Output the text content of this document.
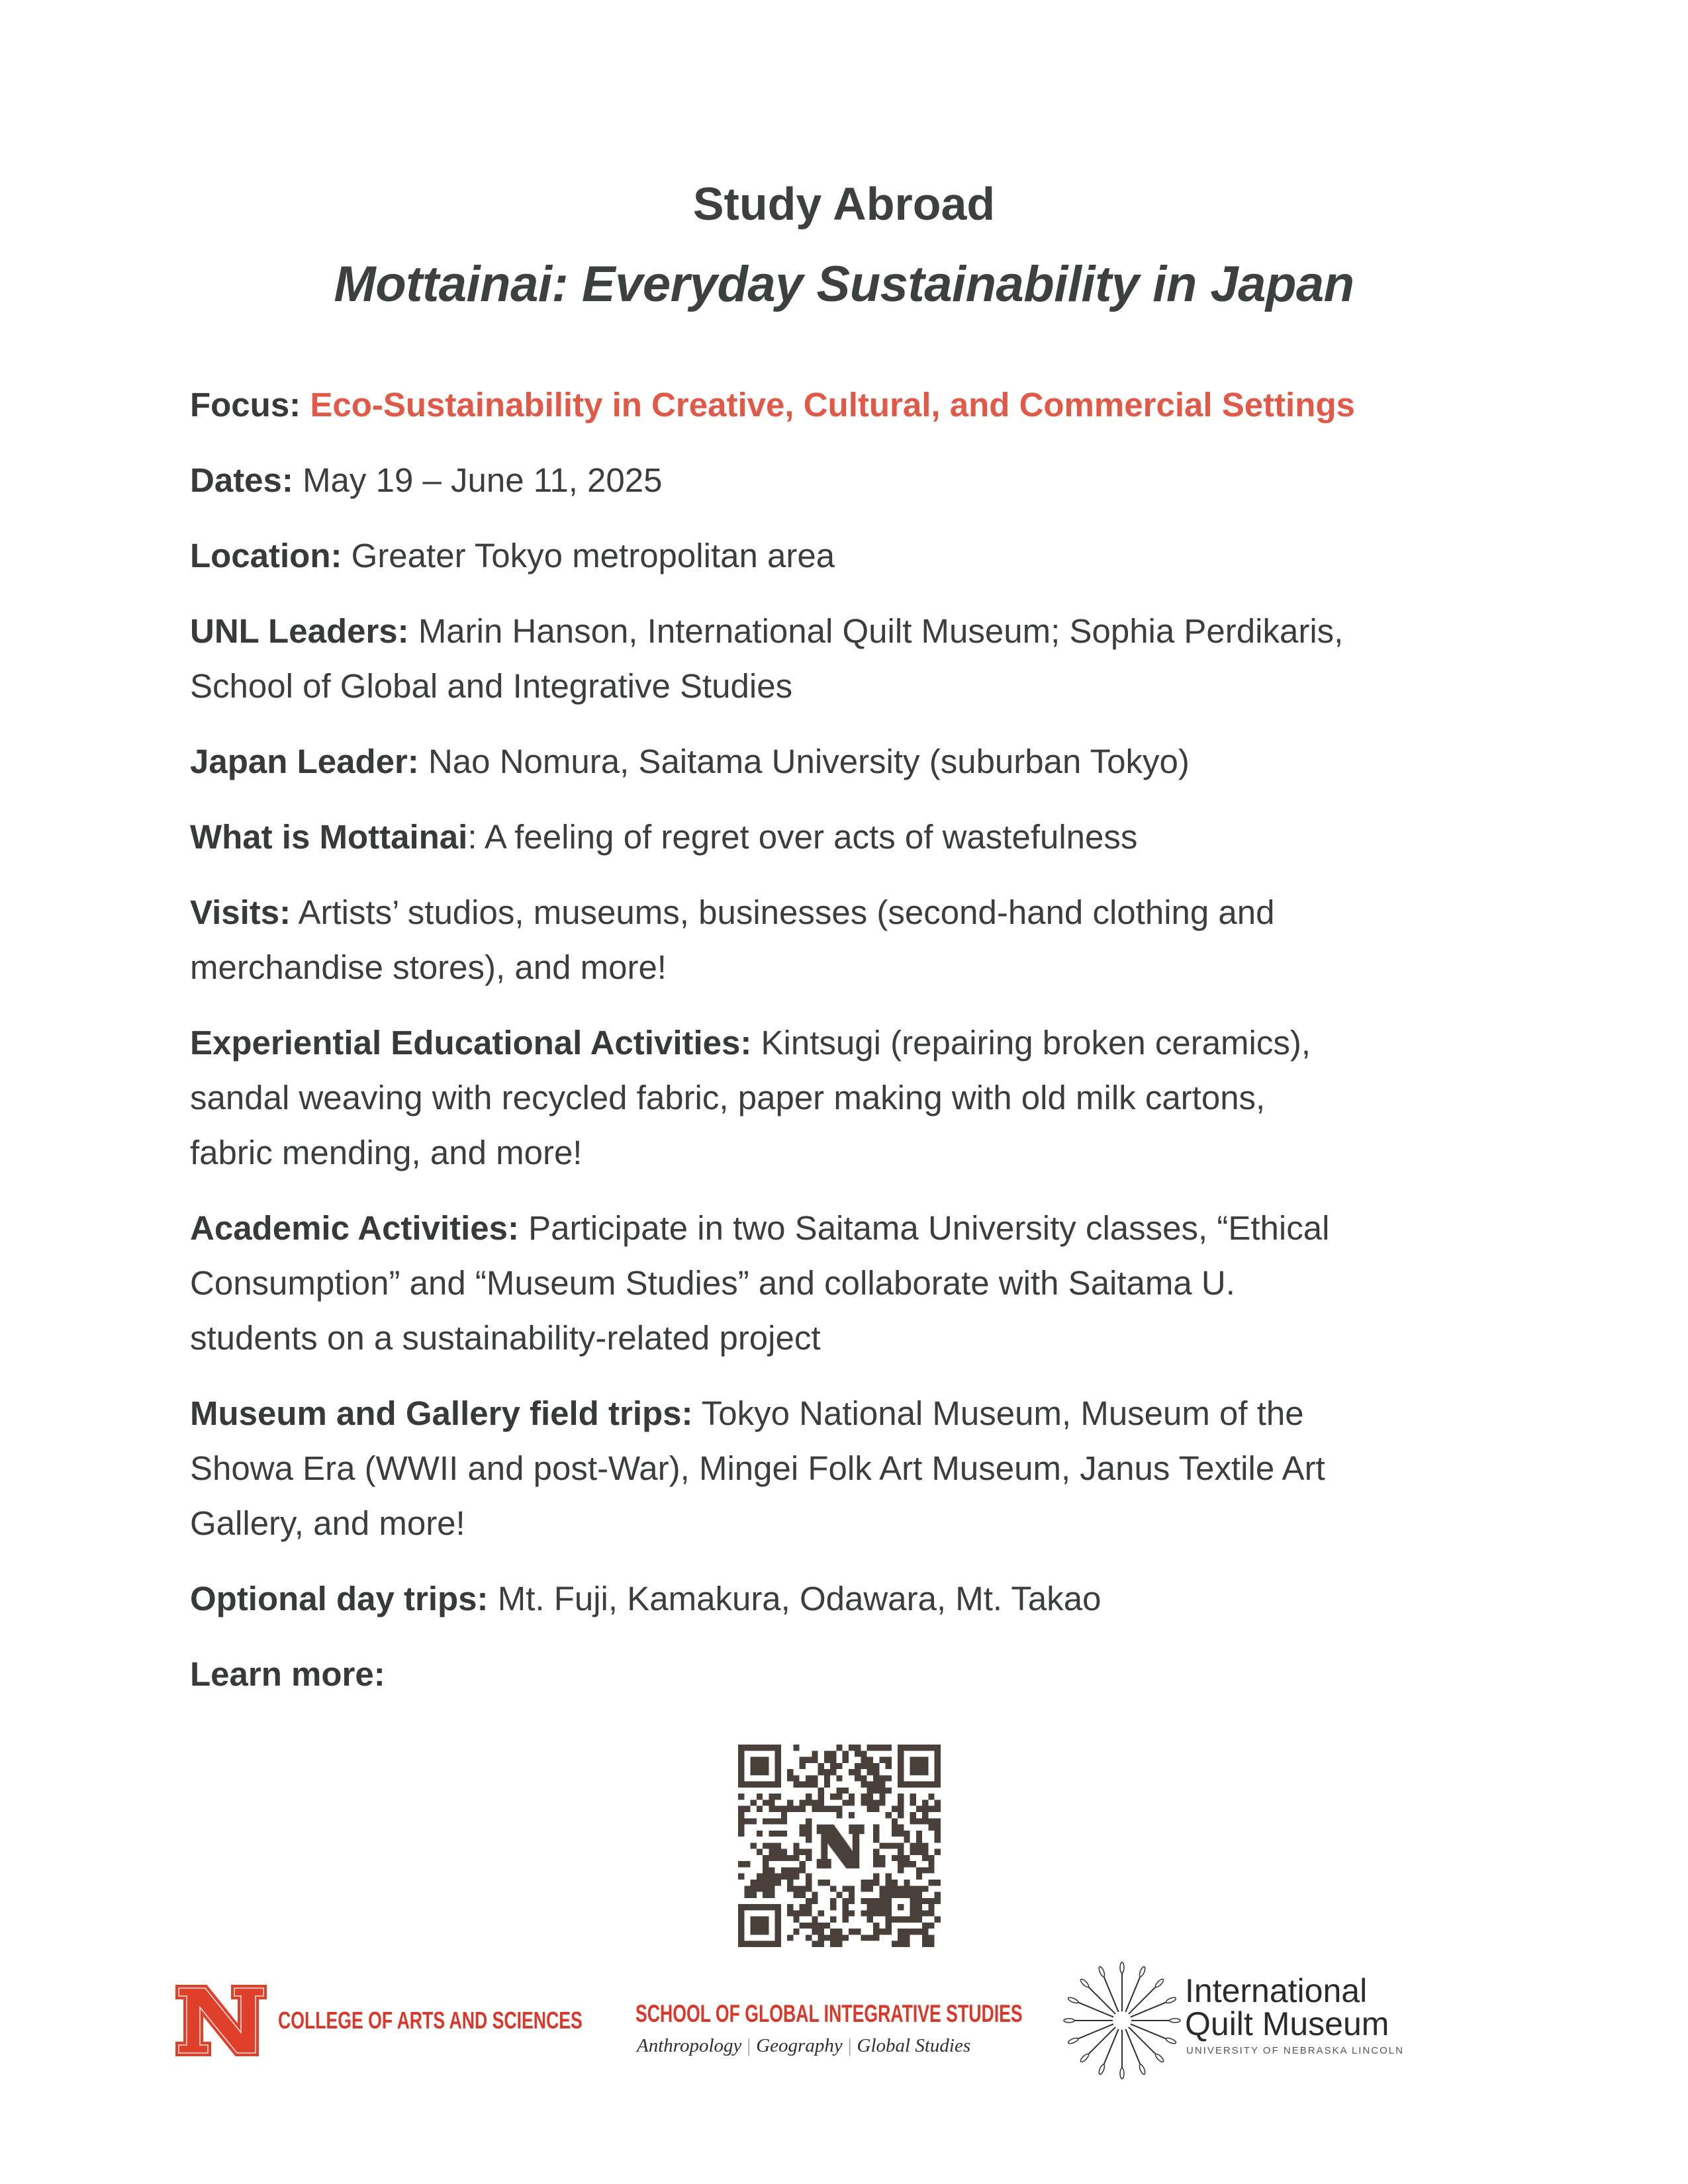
Study Abroad
Mottainai: Everyday Sustainability in Japan

Focus: Eco-Sustainability in Creative, Cultural, and Commercial Settings

Dates: May 19 – June 11, 2025

Location: Greater Tokyo metropolitan area

UNL Leaders: Marin Hanson, International Quilt Museum; Sophia Perdikaris,
School of Global and Integrative Studies

Japan Leader: Nao Nomura, Saitama University (suburban Tokyo)

What is Mottainai: A feeling of regret over acts of wastefulness

Visits: Artists’ studios, museums, businesses (second-hand clothing and
merchandise stores), and more!

Experiential Educational Activities: Kintsugi (repairing broken ceramics),
sandal weaving with recycled fabric, paper making with old milk cartons,
fabric mending, and more!

Academic Activities: Participate in two Saitama University classes, “Ethical
Consumption” and “Museum Studies” and collaborate with Saitama U.
students on a sustainability-related project

Museum and Gallery field trips: Tokyo National Museum, Museum of the
Showa Era (WWII and post-War), Mingei Folk Art Museum, Janus Textile Art
Gallery, and more!

Optional day trips: Mt. Fuji, Kamakura, Odawara, Mt. Takao

Learn more:

COLLEGE OF ARTS AND SCIENCES SCHOOL OF GLOBAL INTEGRATIVE STUDIES
Anthropology | Geography | Global Studies
International
Quilt Museum
UNIVERSITY OF NEBRASKA LINCOLN
